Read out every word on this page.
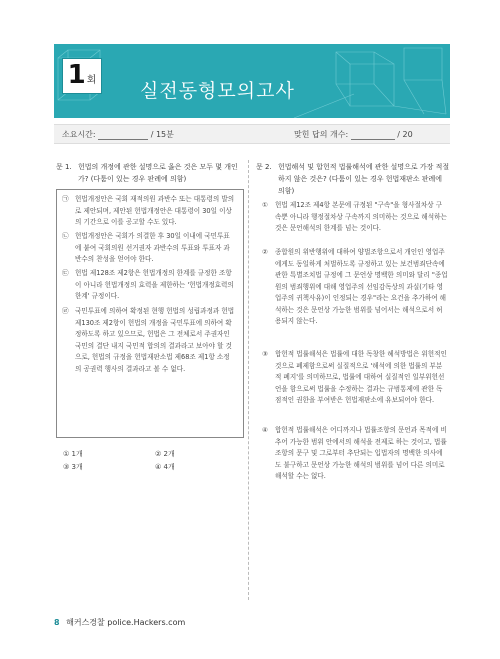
1 회 실전동형모의고사
소요시간:	/ 15분	맞힌 답의 개수:	/ 20
문 1. 헌법의 개정에 관한 설명으로 옳은 것은 모두 몇 개인가? (다툼이 있는 경우 판례에 의함)
㉠ 헌법개정안은 국회 재적의원 과반수 또는 대통령의 발의로 제안되며, 제안된 헌법개정안은 대통령이 30일 이상의 기간으로 이를 공고할 수도 있다.
㉡ 헌법개정안은 국회가 의결한 후 30일 이내에 국민투표에 붙여 국회의원 선거권자 과반수의 투표와 투표자 과반수의 찬성을 얻어야 한다.
㉢ 헌법 제128조 제2항은 헌법개정의 한계를 규정한 조항이 아니라 헌법개정의 효력을 제한하는 '헌법개정효력의 한계' 규정이다.
㉣ 국민투표에 의하여 확정된 현행 헌법의 성립과정과 헌법 제130조 제2항이 헌법의 개정을 국민투표에 의하여 확정하도록 하고 있으므로, 헌법은 그 전체로서 주권자인 국민의 결단 내지 국민적 합의의 결과라고 보아야 할 것으로, 헌법의 규정을 헌법재판소법 제68조 제1항 소정의 공권력 행사의 결과라고 볼 수 없다.
① 1개	② 2개
③ 3개	④ 4개
문 2. 헌법해석 및 합헌적 법률해석에 관한 설명으로 가장 적절하지 않은 것은? (다툼이 있는 경우 헌법재판소 판례에 의함)
① 헌법 제12조 제4항 본문에 규정된 "구속"을 형사절차상 구속뿐 아니라 행정절차상 구속까지 의미하는 것으로 해석하는 것은 문언해석의 한계를 넘는 것이다.
② 종합원의 위반행위에 대하여 양벌조항으로서 개인인 영업주에게도 동일하게 처벌하도록 규정하고 있는 보건범죄단속에 관한 특별조치법 규정에 그 문언상 명백한 의미와 달리 "종업원의 범죄행위에 대해 영업주의 선임감독상의 과실(기타 영업주의 귀책사유)이 인정되는 경우"라는 요건을 추가하여 해석하는 것은 문언상 가능한 범위를 넘어서는 해석으로서 허용되지 않는다.
③ 합헌적 법률해석은 법률에 대한 독창한 헤석방법은 위헌적인 것으로 폐제함으로써 실질적으로 '해석에 의한 법률의 부분적 폐지'를 의미하므로, 법률에 대하여 실질적인 일부위헌선언을 함으로써 법률을 수정하는 결과는 규범통제에 관한 독점적인 권한을 부여받은 헌법재판소에 유보되어야 한다.
④ 합헌적 법률해석은 어디까지나 법률조항의 문언과 목적에 비추어 가능한 범위 안에서의 해석을 전제로 하는 것이고, 법률조항의 문구 및 그로부터 추단되는 입법자의 명백한 의사에도 불구하고 문언상 가능한 해석의 범위를 넘어 다른 의미로 해석할 수는 없다.
8 해커스경찰 police.Hackers.com
